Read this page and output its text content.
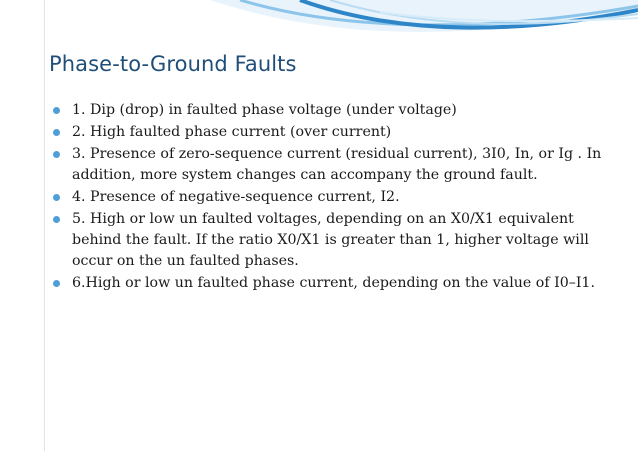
Phase-to-Ground Faults
1. Dip (drop) in faulted phase voltage (under voltage)
2. High faulted phase current (over current)
3. Presence of zero-sequence current (residual current), 3I0, In, or Ig . In addition, more system changes can accompany the ground fault.
4. Presence of negative-sequence current, I2.
5. High or low un faulted voltages, depending on an X0/X1 equivalent behind the fault. If the ratio X0/X1 is greater than 1, higher voltage will occur on the un faulted phases.
6.High or low un faulted phase current, depending on the value of I0–I1.
